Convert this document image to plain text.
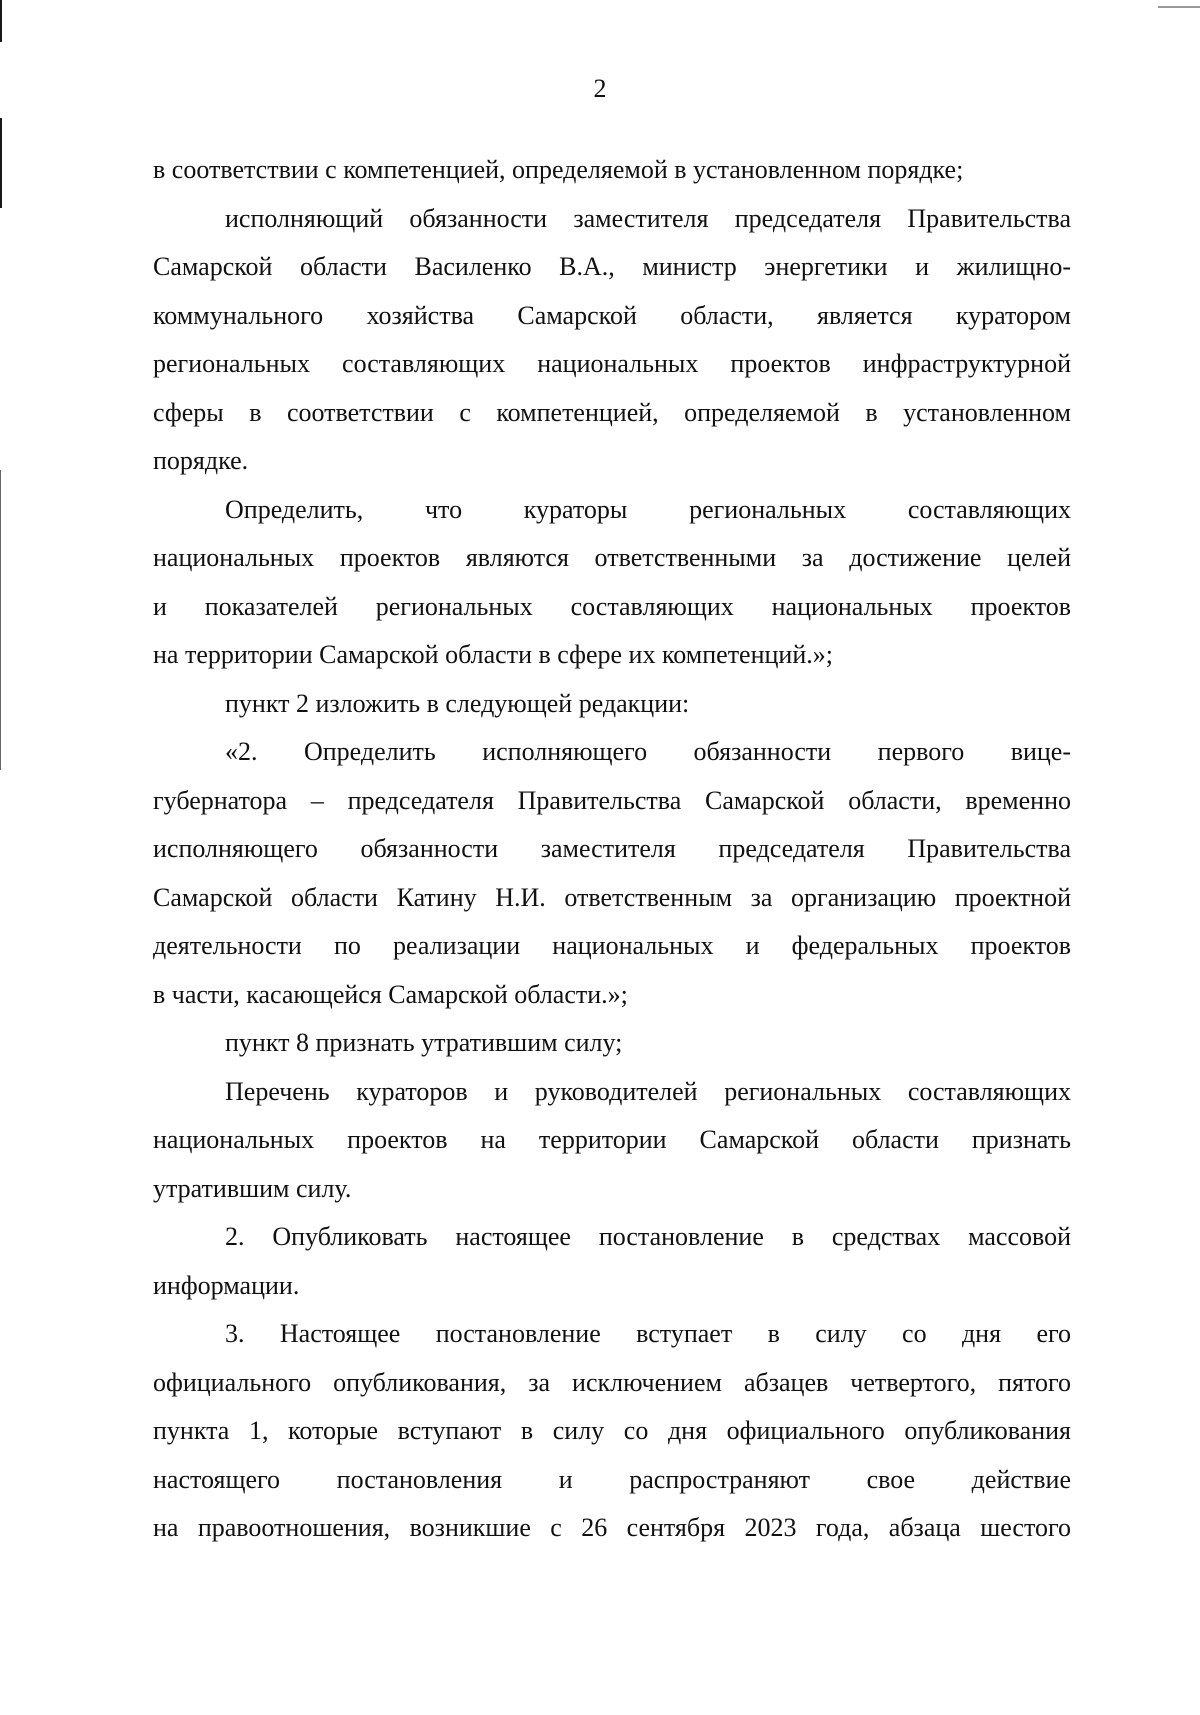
2
в соответствии с компетенцией, определяемой в установленном порядке;
исполняющий обязанности заместителя председателя Правительства
Самарской области Василенко В.А., министр энергетики и жилищно-
коммунального хозяйства Самарской области, является куратором
региональных составляющих национальных проектов инфраструктурной
сферы в соответствии с компетенцией, определяемой в установленном
порядке.
Определить, что кураторы региональных составляющих
национальных проектов являются ответственными за достижение целей
и показателей региональных составляющих национальных проектов
на территории Самарской области в сфере их компетенций.»;
пункт 2 изложить в следующей редакции:
«2. Определить исполняющего обязанности первого вице-
губернатора – председателя Правительства Самарской области, временно
исполняющего обязанности заместителя председателя Правительства
Самарской области Катину Н.И. ответственным за организацию проектной
деятельности по реализации национальных и федеральных проектов
в части, касающейся Самарской области.»;
пункт 8 признать утратившим силу;
Перечень кураторов и руководителей региональных составляющих
национальных проектов на территории Самарской области признать
утратившим силу.
2. Опубликовать настоящее постановление в средствах массовой
информации.
3. Настоящее постановление вступает в силу со дня его
официального опубликования, за исключением абзацев четвертого, пятого
пункта 1, которые вступают в силу со дня официального опубликования
настоящего постановления и распространяют свое действие
на правоотношения, возникшие с 26 сентября 2023 года, абзаца шестого
